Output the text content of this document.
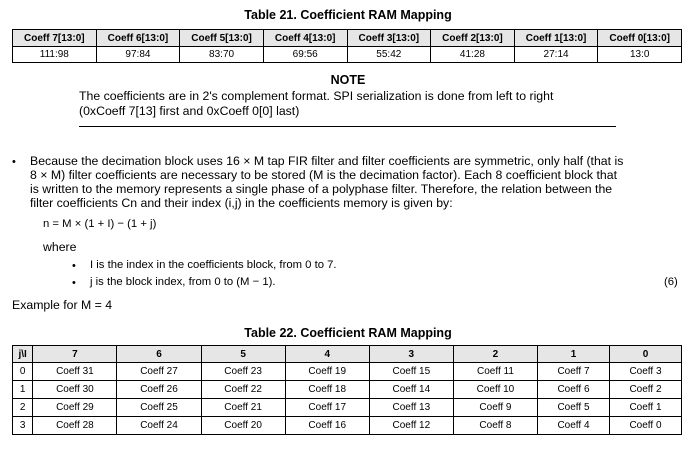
Table 21. Coefficient RAM Mapping
Coeff 7[13:0]	Coeff 6[13:0]	Coeff 5[13:0]	Coeff 4[13:0]	Coeff 3[13:0]	Coeff 2[13:0]	Coeff 1[13:0]	Coeff 0[13:0]
111:98	97:84	83:70	69:56	55:42	41:28	27:14	13:0
NOTE
The coefficients are in 2's complement format. SPI serialization is done from left to right
(0xCoeff 7[13] first and 0xCoeff 0[0] last)
• Because the decimation block uses 16 × M tap FIR filter and filter coefficients are symmetric, only half (that is
8 × M) filter coefficients are necessary to be stored (M is the decimation factor). Each 8 coefficient block that
is written to the memory represents a single phase of a polyphase filter. Therefore, the relation between the
filter coefficients Cn and their index (i,j) in the coefficients memory is given by:
n = M × (1 + I) − (1 + j)
where
• I is the index in the coefficients block, from 0 to 7.
• j is the block index, from 0 to (M − 1).	(6)
Example for M = 4
Table 22. Coefficient RAM Mapping
j\I	7	6	5	4	3	2	1	0
0	Coeff 31	Coeff 27	Coeff 23	Coeff 19	Coeff 15	Coeff 11	Coeff 7	Coeff 3
1	Coeff 30	Coeff 26	Coeff 22	Coeff 18	Coeff 14	Coeff 10	Coeff 6	Coeff 2
2	Coeff 29	Coeff 25	Coeff 21	Coeff 17	Coeff 13	Coeff 9	Coeff 5	Coeff 1
3	Coeff 28	Coeff 24	Coeff 20	Coeff 16	Coeff 12	Coeff 8	Coeff 4	Coeff 0
